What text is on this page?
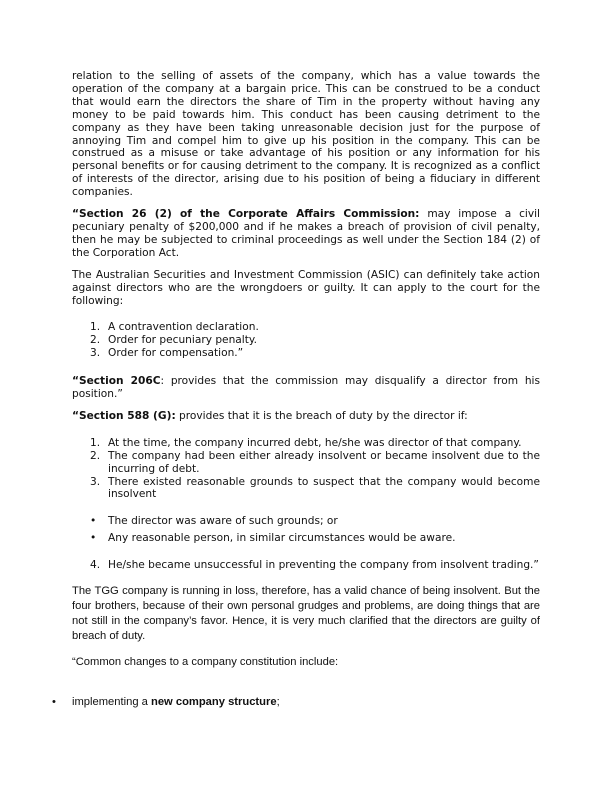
relation to the selling of assets of the company, which has a value towards the operation of the company at a bargain price. This can be construed to be a conduct that would earn the directors the share of Tim in the property without having any money to be paid towards him. This conduct has been causing detriment to the company as they have been taking unreasonable decision just for the purpose of annoying Tim and compel him to give up his position in the company. This can be construed as a misuse or take advantage of his position or any information for his personal benefits or for causing detriment to the company. It is recognized as a conflict of interests of the director, arising due to his position of being a fiduciary in different companies.

“Section 26 (2) of the Corporate Affairs Commission: may impose a civil pecuniary penalty of $200,000 and if he makes a breach of provision of civil penalty, then he may be subjected to criminal proceedings as well under the Section 184 (2) of the Corporation Act.

The Australian Securities and Investment Commission (ASIC) can definitely take action against directors who are the wrongdoers or guilty. It can apply to the court for the following:

1. A contravention declaration.
2. Order for pecuniary penalty.
3. Order for compensation.”

“Section 206C: provides that the commission may disqualify a director from his position.”

“Section 588 (G): provides that it is the breach of duty by the director if:

1. At the time, the company incurred debt, he/she was director of that company.
2. The company had been either already insolvent or became insolvent due to the incurring of debt.
3. There existed reasonable grounds to suspect that the company would become insolvent
• The director was aware of such grounds; or
• Any reasonable person, in similar circumstances would be aware.
4. He/she became unsuccessful in preventing the company from insolvent trading.”

The TGG company is running in loss, therefore, has a valid chance of being insolvent. But the four brothers, because of their own personal grudges and problems, are doing things that are not still in the company’s favor. Hence, it is very much clarified that the directors are guilty of breach of duty.

“Common changes to a company constitution include:

• implementing a new company structure;
